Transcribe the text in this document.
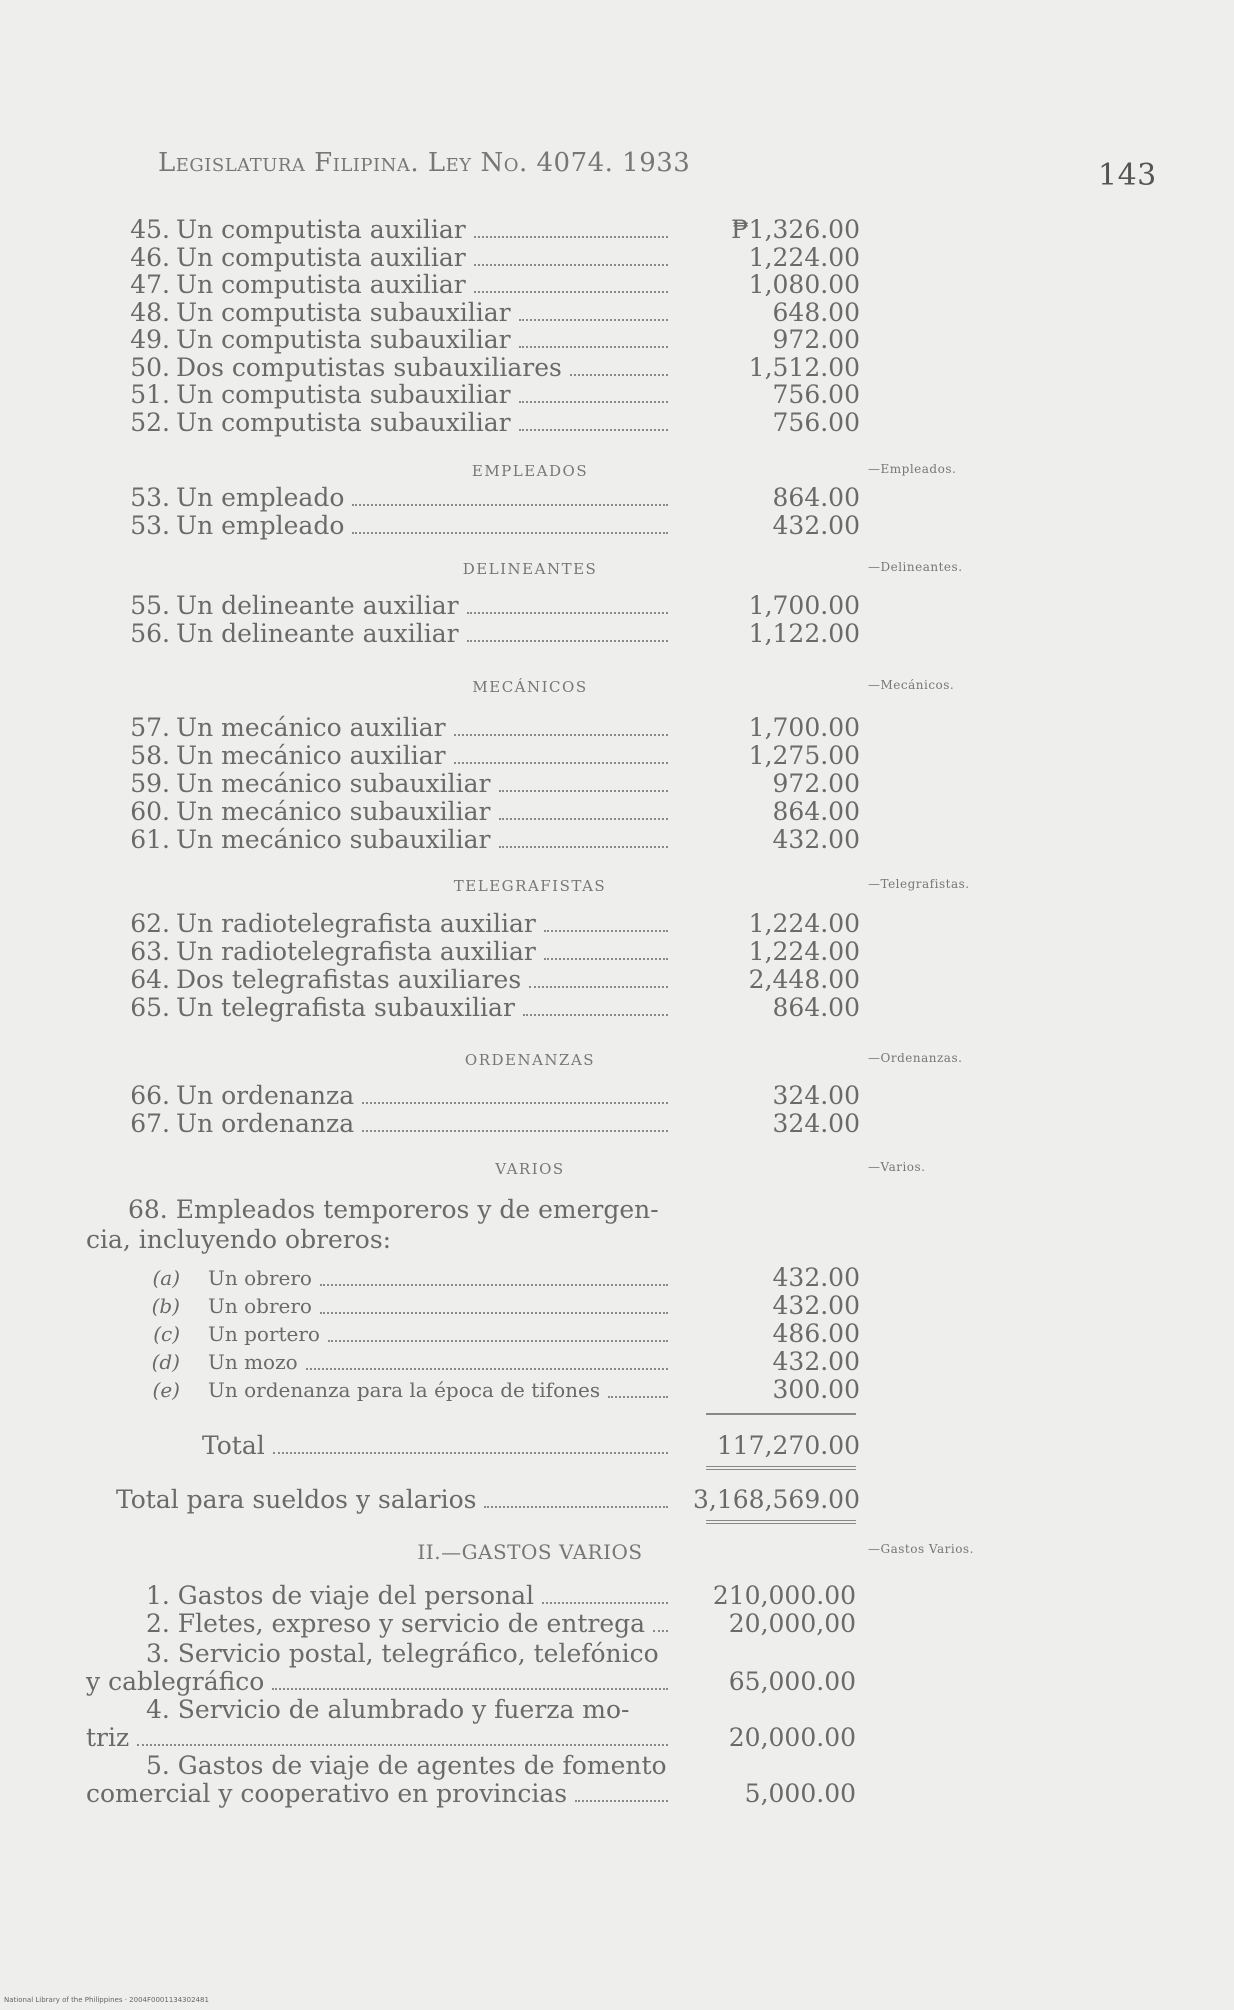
Legislatura Filipina. Ley No. 4074. 1933	143
45. Un computista auxiliar	₱1,326.00
46. Un computista auxiliar	1,224.00
47. Un computista auxiliar	1,080.00
48. Un computista subauxiliar	648.00
49. Un computista subauxiliar	972.00
50. Dos computistas subauxiliares	1,512.00
51. Un computista subauxiliar	756.00
52. Un computista subauxiliar	756.00
EMPLEADOS	—Empleados.
53. Un empleado	864.00
53. Un empleado	432.00
DELINEANTES	—Delineantes.
55. Un delineante auxiliar	1,700.00
56. Un delineante auxiliar	1,122.00
MECÁNICOS	—Mecánicos.
57. Un mecánico auxiliar	1,700.00
58. Un mecánico auxiliar	1,275.00
59. Un mecánico subauxiliar	972.00
60. Un mecánico subauxiliar	864.00
61. Un mecánico subauxiliar	432.00
TELEGRAFISTAS	—Telegrafistas.
62. Un radiotelegrafista auxiliar	1,224.00
63. Un radiotelegrafista auxiliar	1,224.00
64. Dos telegrafistas auxiliares	2,448.00
65. Un telegrafista subauxiliar	864.00
ORDENANZAS	—Ordenanzas.
66. Un ordenanza	324.00
67. Un ordenanza	324.00
VARIOS	—Varios.
68. Empleados temporeros y de emergen-
cia, incluyendo obreros:
(a) Un obrero	432.00
(b) Un obrero	432.00
(c) Un portero	486.00
(d) Un mozo	432.00
(e) Un ordenanza para la época de tifones	300.00
Total	117,270.00
Total para sueldos y salarios	3,168,569.00
II.—GASTOS VARIOS	—Gastos Varios.
1. Gastos de viaje del personal	210,000.00
2. Fletes, expreso y servicio de entrega	20,000,00
3. Servicio postal, telegráfico, telefónico
y cablegráfico	65,000.00
4. Servicio de alumbrado y fuerza mo-
triz	20,000.00
5. Gastos de viaje de agentes de fomento
comercial y cooperativo en provincias	5,000.00
National Library of the Philippines · 2004F0001134302481
